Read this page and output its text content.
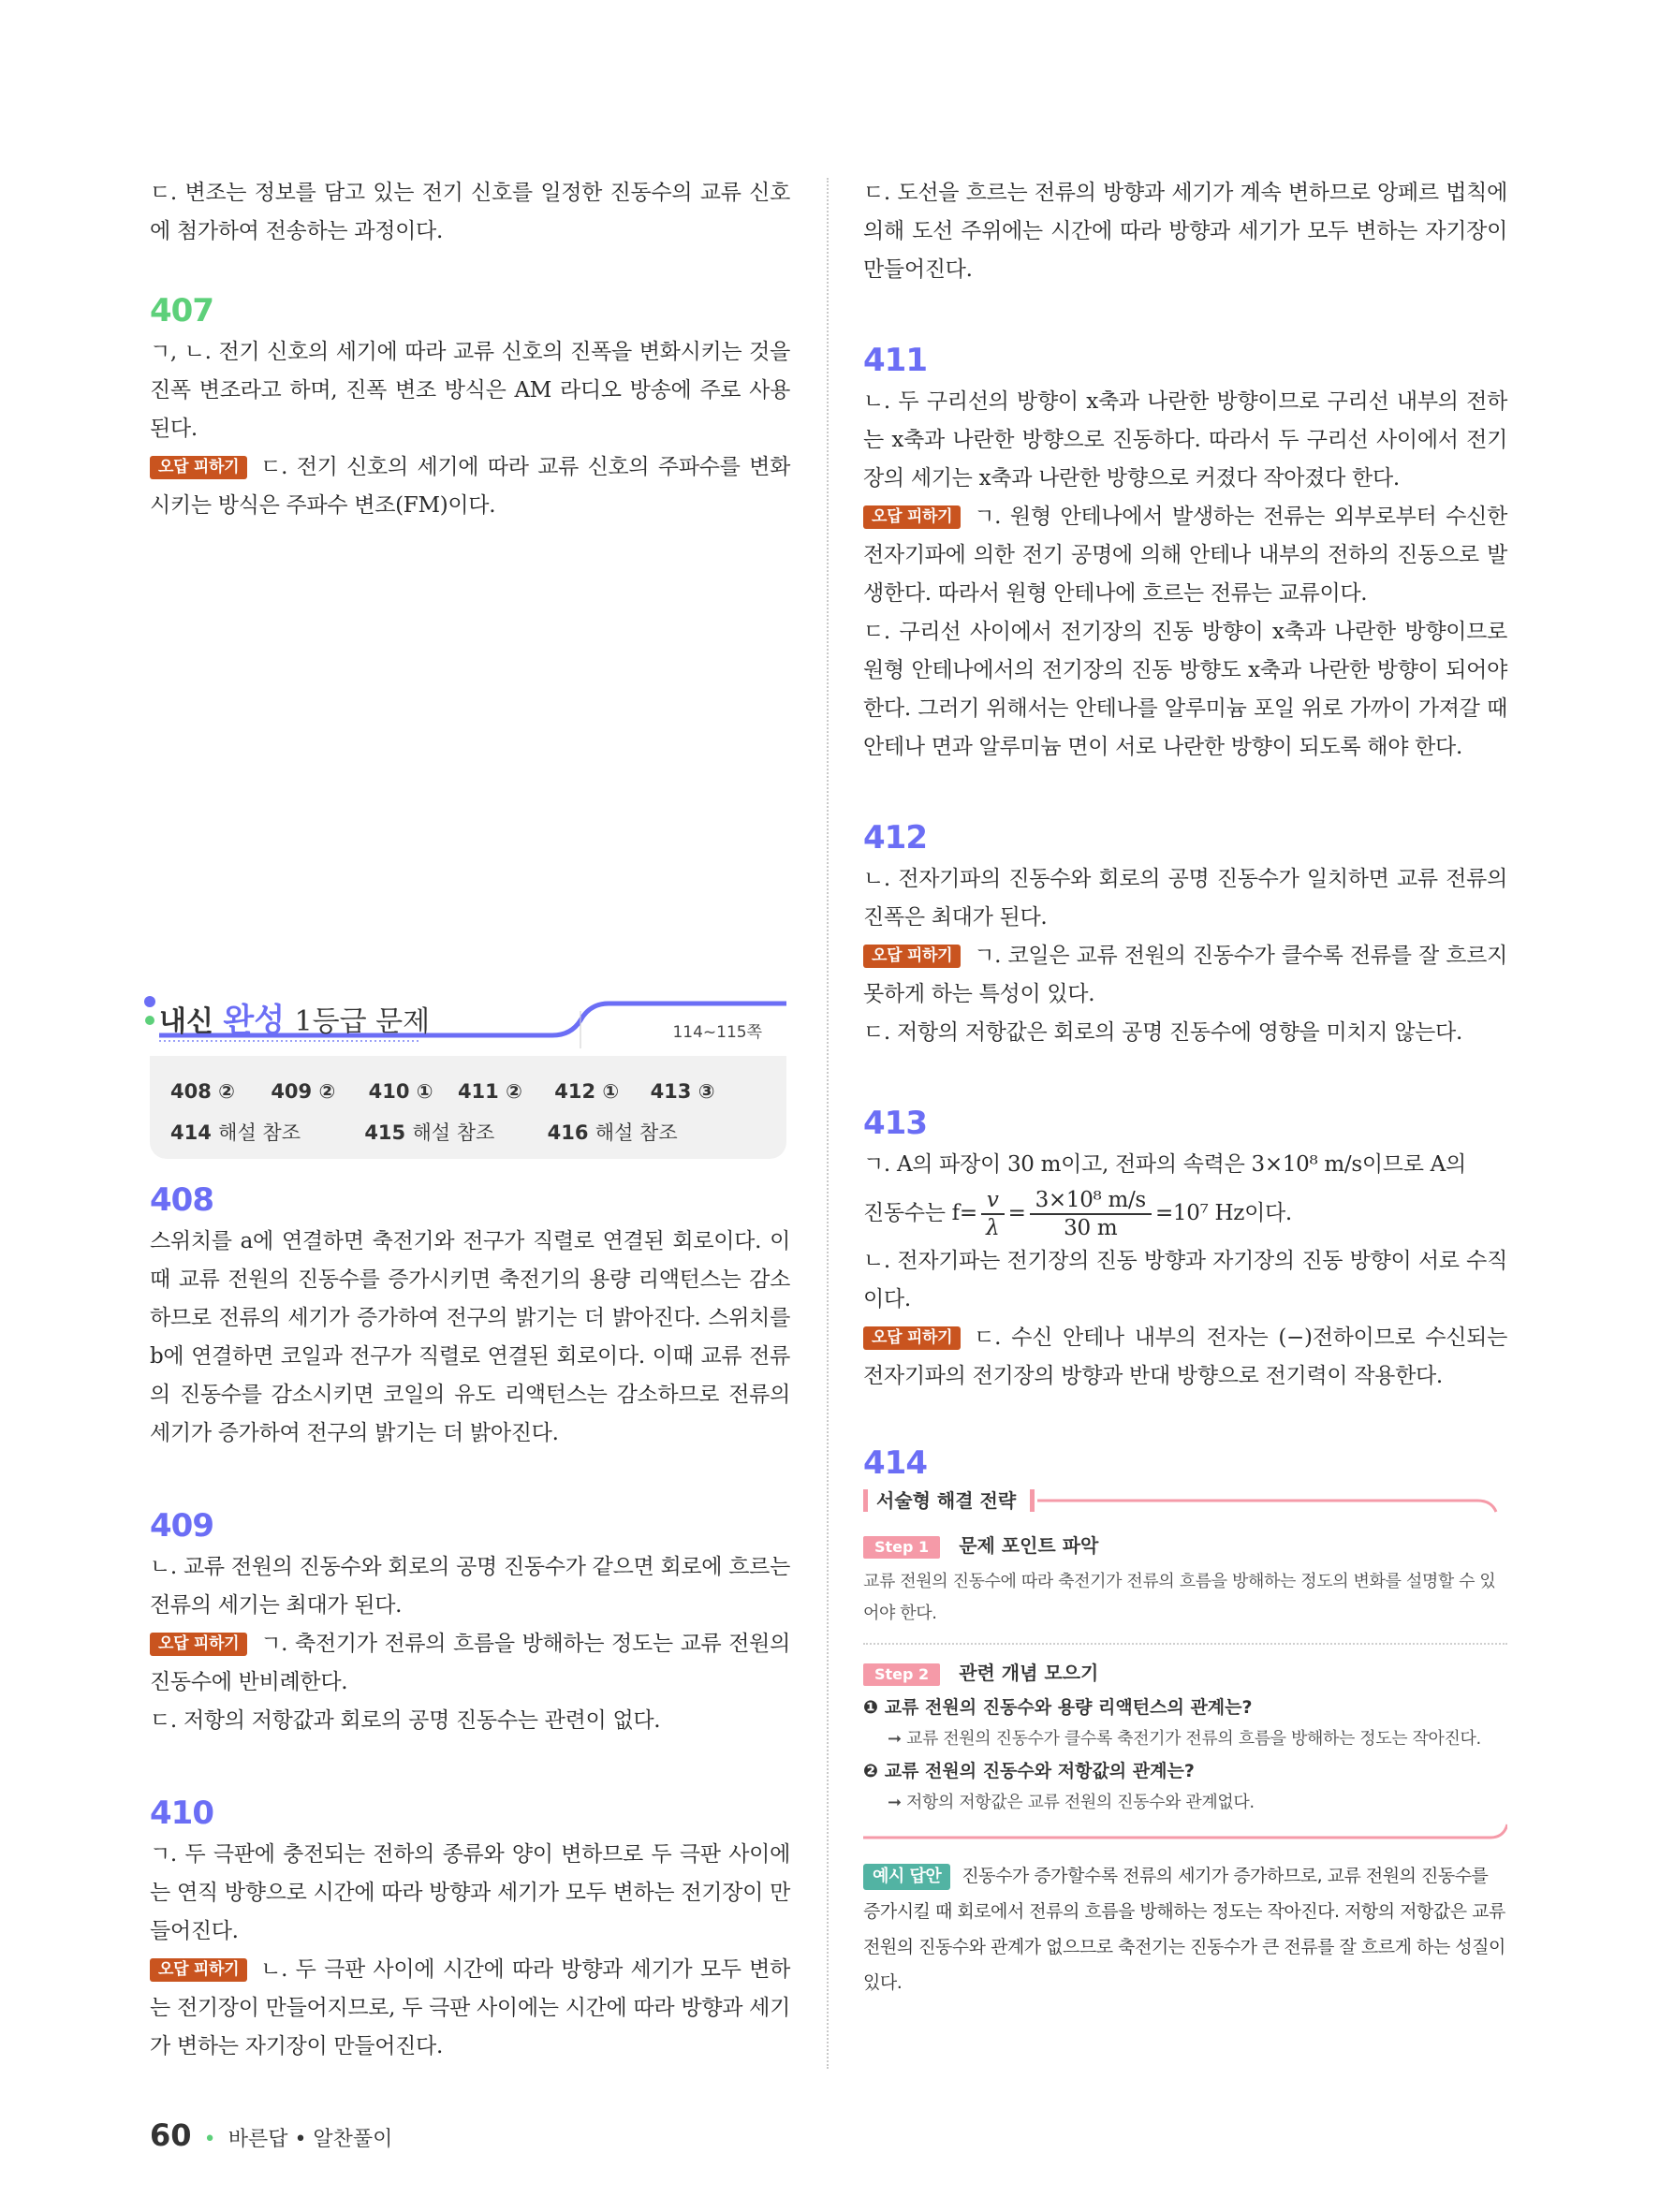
ㄷ. 변조는 정보를 담고 있는 전기 신호를 일정한 진동수의 교류 신호에 첨가하여 전송하는 과정이다.

407

ㄱ, ㄴ. 전기 신호의 세기에 따라 교류 신호의 진폭을 변화시키는 것을 진폭 변조라고 하며, 진폭 변조 방식은 AM 라디오 방송에 주로 사용된다.

오답 피하기 ㄷ. 전기 신호의 세기에 따라 교류 신호의 주파수를 변화시키는 방식은 주파수 변조(FM)이다.

내신 완성 1등급 문제	114~115쪽
408 ② 409 ② 410 ① 411 ② 412 ① 413 ③
414 해설 참조	415 해설 참조	416 해설 참조

408

스위치를 a에 연결하면 축전기와 전구가 직렬로 연결된 회로이다. 이때 교류 전원의 진동수를 증가시키면 축전기의 용량 리액턴스는 감소하므로 전류의 세기가 증가하여 전구의 밝기는 더 밝아진다. 스위치를 b에 연결하면 코일과 전구가 직렬로 연결된 회로이다. 이때 교류 전류의 진동수를 감소시키면 코일의 유도 리액턴스는 감소하므로 전류의 세기가 증가하여 전구의 밝기는 더 밝아진다.

409

ㄴ. 교류 전원의 진동수와 회로의 공명 진동수가 같으면 회로에 흐르는 전류의 세기는 최대가 된다.

오답 피하기 ㄱ. 축전기가 전류의 흐름을 방해하는 정도는 교류 전원의 진동수에 반비례한다.

ㄷ. 저항의 저항값과 회로의 공명 진동수는 관련이 없다.

410

ㄱ. 두 극판에 충전되는 전하의 종류와 양이 변하므로 두 극판 사이에는 연직 방향으로 시간에 따라 방향과 세기가 모두 변하는 전기장이 만들어진다.

오답 피하기 ㄴ. 두 극판 사이에 시간에 따라 방향과 세기가 모두 변하는 전기장이 만들어지므로, 두 극판 사이에는 시간에 따라 방향과 세기가 변하는 자기장이 만들어진다.

ㄷ. 도선을 흐르는 전류의 방향과 세기가 계속 변하므로 앙페르 법칙에 의해 도선 주위에는 시간에 따라 방향과 세기가 모두 변하는 자기장이 만들어진다.

411

ㄴ. 두 구리선의 방향이 x축과 나란한 방향이므로 구리선 내부의 전하는 x축과 나란한 방향으로 진동하다. 따라서 두 구리선 사이에서 전기장의 세기는 x축과 나란한 방향으로 커졌다 작아졌다 한다.

오답 피하기 ㄱ. 원형 안테나에서 발생하는 전류는 외부로부터 수신한 전자기파에 의한 전기 공명에 의해 안테나 내부의 전하의 진동으로 발생한다. 따라서 원형 안테나에 흐르는 전류는 교류이다.

ㄷ. 구리선 사이에서 전기장의 진동 방향이 x축과 나란한 방향이므로 원형 안테나에서의 전기장의 진동 방향도 x축과 나란한 방향이 되어야 한다. 그러기 위해서는 안테나를 알루미늄 포일 위로 가까이 가져갈 때 안테나 면과 알루미늄 면이 서로 나란한 방향이 되도록 해야 한다.

412

ㄴ. 전자기파의 진동수와 회로의 공명 진동수가 일치하면 교류 전류의 진폭은 최대가 된다.

오답 피하기 ㄱ. 코일은 교류 전원의 진동수가 클수록 전류를 잘 흐르지 못하게 하는 특성이 있다.

ㄷ. 저항의 저항값은 회로의 공명 진동수에 영향을 미치지 않는다.

413

ㄱ. A의 파장이 30 m이고, 전파의 속력은 3×10⁸ m/s이므로 A의

진동수는 $f= \frac{v}{\lambda} = \frac{\text{3×10⁸ m/s}}{30 m} =10^7$ Hz이다.

ㄴ. 전자기파는 전기장의 진동 방향과 자기장의 진동 방향이 서로 수직이다.

오답 피하기 ㄷ. 수신 안테나 내부의 전자는 (−)전하이므로 수신되는 전자기파의 전기장의 방향과 반대 방향으로 전기력이 작용한다.

414

서술형 해결 전략
Step 1 문제 포인트 파악

교류 전원의 진동수에 따라 축전기가 전류의 흐름을 방해하는 정도의 변화를 설명할 수 있어야 한다.

Step 2 관련 개념 모으기

❶ 교류 전원의 진동수와 용량 리액턴스의 관계는?

➞ 교류 전원의 진동수가 클수록 축전기가 전류의 흐름을 방해하는 정도는 작아진다.

❷ 교류 전원의 진동수와 저항값의 관계는?

➞ 저항의 저항값은 교류 전원의 진동수와 관계없다.

예시 답안 진동수가 증가할수록 전류의 세기가 증가하므로, 교류 전원의 진동수를 증가시킬 때 회로에서 전류의 흐름을 방해하는 정도는 작아진다. 저항의 저항값은 교류 전원의 진동수와 관계가 없으므로 축전기는 진동수가 큰 전류를 잘 흐르게 하는 성질이 있다.

60 • 바른답 • 알찬풀이
